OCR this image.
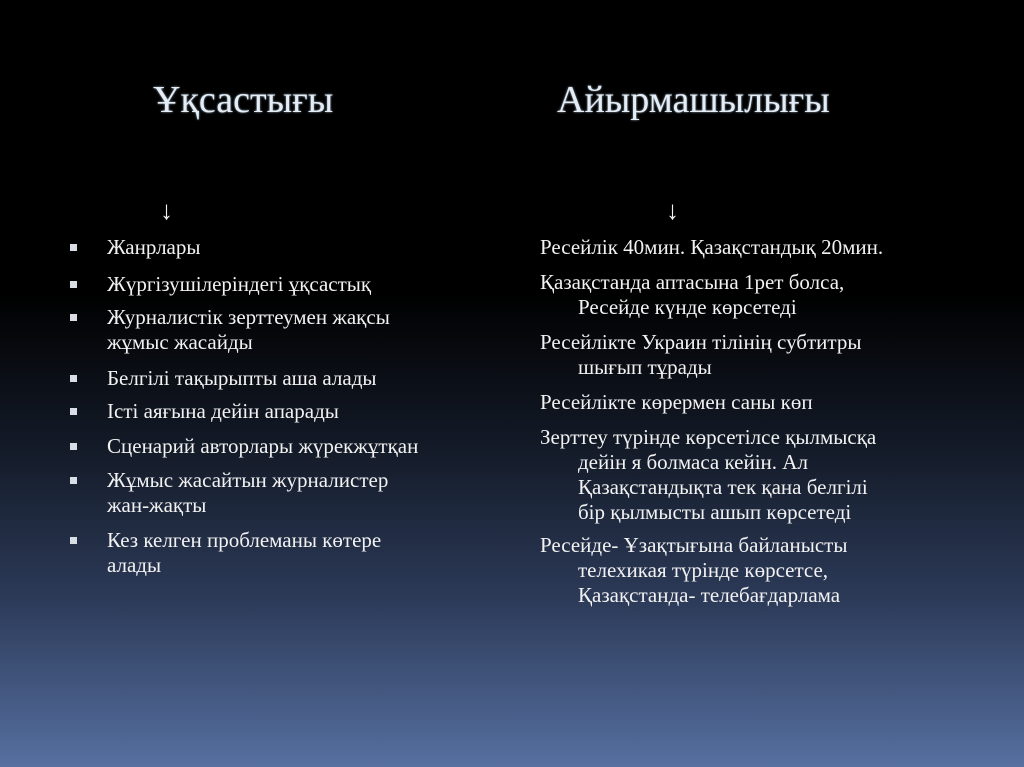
Ұқсастығы	Айырмашылығы
↓	↓
Жанрлары
Жүргізушілеріндегі ұқсастық
Журналистік зерттеумен жақсы
жұмыс жасайды
Белгілі тақырыпты аша алады
Істі аяғына дейін апарады
Сценарий авторлары жүрекжұтқан
Жұмыс жасайтын журналистер
жан-жақты
Кез келген проблеманы көтере
алады
Ресейлік 40мин. Қазақстандық 20мин.
Қазақстанда аптасына 1рет болса,
Ресейде күнде көрсетеді
Ресейлікте Украин тілінің субтитры
шығып тұрады
Ресейлікте көрермен саны көп
Зерттеу түрінде көрсетілсе қылмысқа
дейін я болмаса кейін. Ал
Қазақстандықта тек қана белгілі
бір қылмысты ашып көрсетеді
Ресейде- Ұзақтығына байланысты
телехикая түрінде көрсетсе,
Қазақстанда- телебағдарлама
